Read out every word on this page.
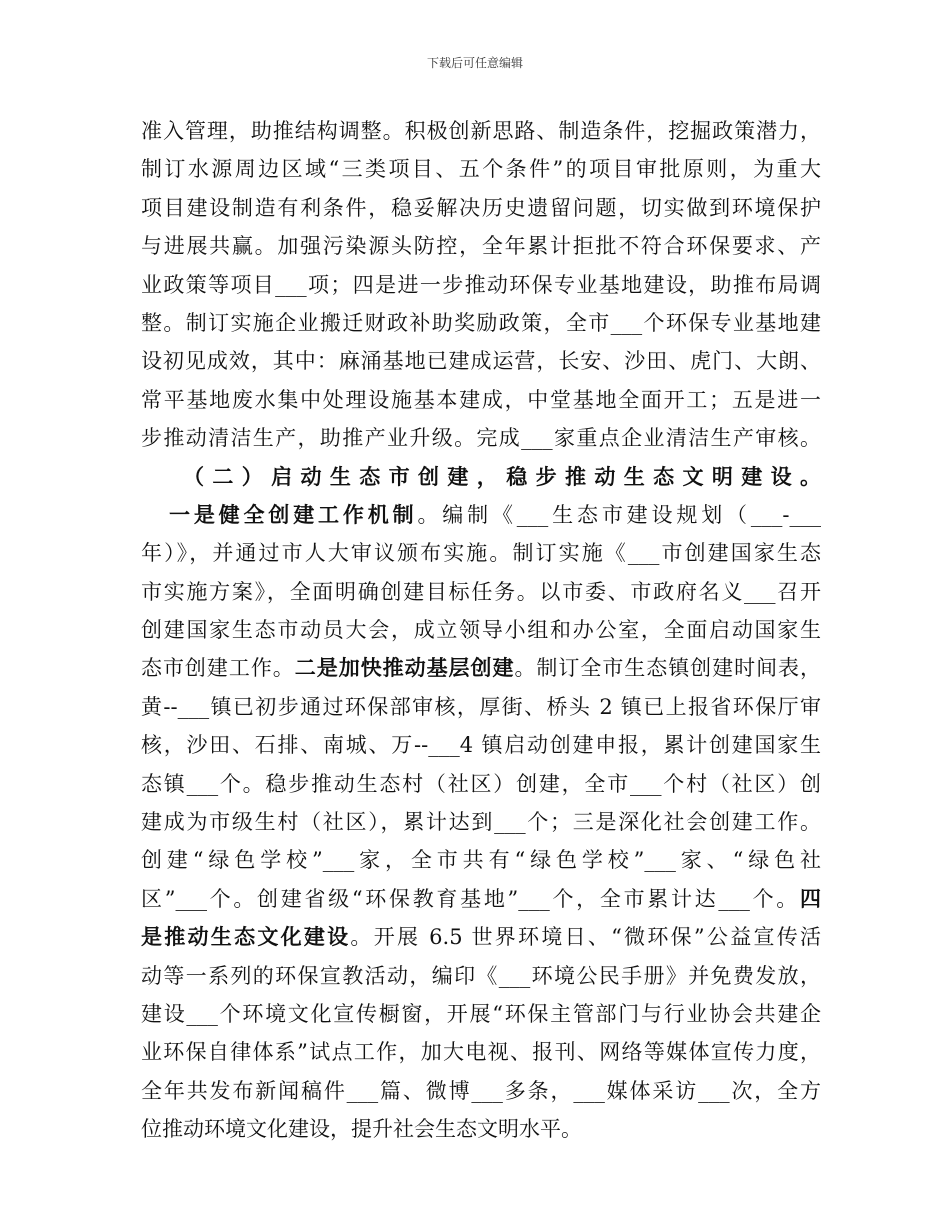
下载后可任意编辑
准入管理，助推结构调整。积极创新思路、制造条件，挖掘政策潜力，
制订水源周边区域“三类项目、五个条件”的项目审批原则，为重大
项目建设制造有利条件，稳妥解决历史遗留问题，切实做到环境保护
与进展共赢。加强污染源头防控，全年累计拒批不符合环保要求、产
业政策等项目___项；四是进一步推动环保专业基地建设，助推布局调
整。制订实施企业搬迁财政补助奖励政策，全市___个环保专业基地建
设初见成效，其中：麻涌基地已建成运营，长安、沙田、虎门、大朗、
常平基地废水集中处理设施基本建成，中堂基地全面开工；五是进一
步推动清洁生产，助推产业升级。完成___家重点企业清洁生产审核。
（二）启动生态市创建，稳步推动生态文明建设。
一是健全创建工作机制。编制《___生态市建设规划（___-___
年）》，并通过市人大审议颁布实施。制订实施《___市创建国家生态
市实施方案》，全面明确创建目标任务。以市委、市政府名义___召开
创建国家生态市动员大会，成立领导小组和办公室，全面启动国家生
态市创建工作。二是加快推动基层创建。制订全市生态镇创建时间表，
黄--___镇已初步通过环保部审核，厚街、桥头 2 镇已上报省环保厅审
核，沙田、石排、南城、万--___4 镇启动创建申报，累计创建国家生
态镇___个。稳步推动生态村（社区）创建，全市___个村（社区）创
建成为市级生村（社区），累计达到___个；三是深化社会创建工作。
创建“绿色学校”___家，全市共有“绿色学校”___家、“绿色社
区”___个。创建省级“环保教育基地”___个，全市累计达___个。四
是推动生态文化建设。开展 6.5 世界环境日、“微环保”公益宣传活
动等一系列的环保宣教活动，编印《___环境公民手册》并免费发放，
建设___个环境文化宣传橱窗，开展“环保主管部门与行业协会共建企
业环保自律体系”试点工作，加大电视、报刊、网络等媒体宣传力度，
全年共发布新闻稿件___篇、微博___多条，___媒体采访___次，全方
位推动环境文化建设，提升社会生态文明水平。
